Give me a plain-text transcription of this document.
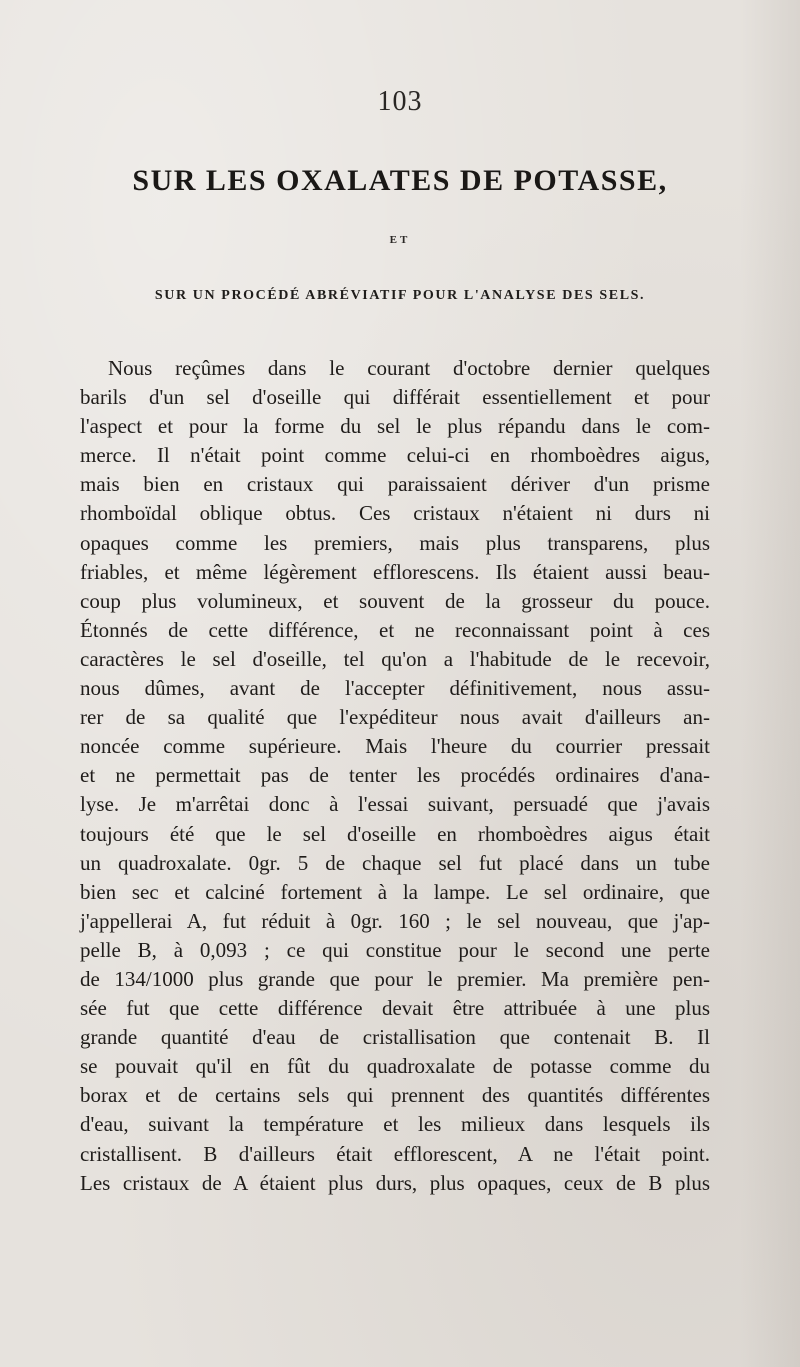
103
SUR LES OXALATES DE POTASSE,
ET
SUR UN PROCÉDÉ ABRÉVIATIF POUR L'ANALYSE DES SELS.
Nous reçûmes dans le courant d'octobre dernier quelques
barils d'un sel d'oseille qui différait essentiellement et pour
l'aspect et pour la forme du sel le plus répandu dans le com-
merce. Il n'était point comme celui-ci en rhomboèdres aigus,
mais bien en cristaux qui paraissaient dériver d'un prisme
rhomboïdal oblique obtus. Ces cristaux n'étaient ni durs ni
opaques comme les premiers, mais plus transparens, plus
friables, et même légèrement efflorescens. Ils étaient aussi beau-
coup plus volumineux, et souvent de la grosseur du pouce.
Étonnés de cette différence, et ne reconnaissant point à ces
caractères le sel d'oseille, tel qu'on a l'habitude de le recevoir,
nous dûmes, avant de l'accepter définitivement, nous assu-
rer de sa qualité que l'expéditeur nous avait d'ailleurs an-
noncée comme supérieure. Mais l'heure du courrier pressait
et ne permettait pas de tenter les procédés ordinaires d'ana-
lyse. Je m'arrêtai donc à l'essai suivant, persuadé que j'avais
toujours été que le sel d'oseille en rhomboèdres aigus était
un quadroxalate. 0gr. 5 de chaque sel fut placé dans un tube
bien sec et calciné fortement à la lampe. Le sel ordinaire, que
j'appellerai A, fut réduit à 0gr. 160 ; le sel nouveau, que j'ap-
pelle B, à 0,093 ; ce qui constitue pour le second une perte
de 134/1000 plus grande que pour le premier. Ma première pen-
sée fut que cette différence devait être attribuée à une plus
grande quantité d'eau de cristallisation que contenait B. Il
se pouvait qu'il en fût du quadroxalate de potasse comme du
borax et de certains sels qui prennent des quantités différentes
d'eau, suivant la température et les milieux dans lesquels ils
cristallisent. B d'ailleurs était efflorescent, A ne l'était point.
Les cristaux de A étaient plus durs, plus opaques, ceux de B plus
